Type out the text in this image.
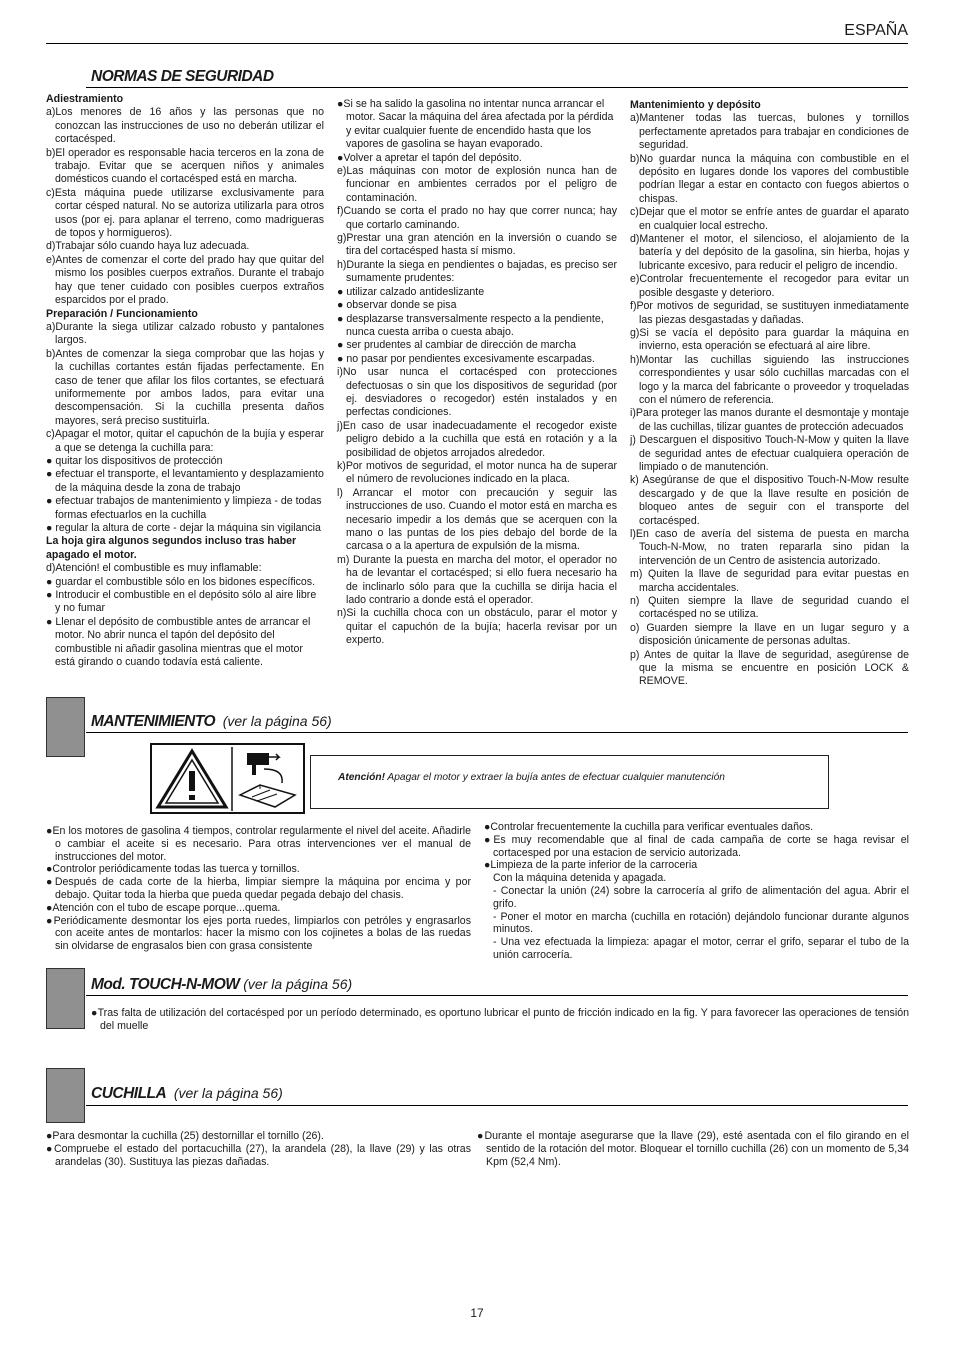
ESPAÑA
NORMAS DE SEGURIDAD

Adiestramiento

a)Los menores de 16 años y las personas que no conozcan las instrucciones de uso no deberán utilizar el cortacésped.

b)El operador es responsable hacia terceros en la zona de trabajo. Evitar que se acerquen niños y animales domésticos cuando el cortacésped está en marcha.

c)Esta máquina puede utilizarse exclusivamente para cortar césped natural. No se autoriza utilizarla para otros usos (por ej. para aplanar el terreno, como madrigueras de topos y hormigueros).

d)Trabajar sólo cuando haya luz adecuada.

e)Antes de comenzar el corte del prado hay que quitar del mismo los posibles cuerpos extraños. Durante el trabajo hay que tener cuidado con posibles cuerpos extraños esparcidos por el prado.

Preparación / Funcionamiento

a)Durante la siega utilizar calzado robusto y pantalones largos.

b)Antes de comenzar la siega comprobar que las hojas y la cuchillas cortantes están fijadas perfectamente. En caso de tener que afilar los filos cortantes, se efectuará uniformemente por ambos lados, para evitar una descompensación. Si la cuchilla presenta daños mayores, será preciso sustituirla.

c)Apagar el motor, quitar el capuchón de la bujía y esperar a que se detenga la cuchilla para:

● quitar los dispositivos de protección

● efectuar el transporte, el levantamiento y desplazamiento de la máquina desde la zona de trabajo

● efectuar trabajos de mantenimiento y limpieza - de todas formas efectuarlos en la cuchilla

● regular la altura de corte - dejar la máquina sin vigilancia

La hoja gira algunos segundos incluso tras haber apagado el motor.

d)Atención! el combustible es muy inflamable:

● guardar el combustible sólo en los bidones específicos.

● Introducir el combustible en el depósito sólo al aire libre y no fumar

● Llenar el depósito de combustible antes de arrancar el motor. No abrir nunca el tapón del depósito del combustible ni añadir gasolina mientras que el motor está girando o cuando todavía está caliente.

●Si se ha salido la gasolina no intentar nunca arrancar el motor. Sacar la máquina del área afectada por la pérdida y evitar cualquier fuente de encendido hasta que los vapores de gasolina se hayan evaporado.

●Volver a apretar el tapón del depósito.

e)Las máquinas con motor de explosión nunca han de funcionar en ambientes cerrados por el peligro de contaminación.

f)Cuando se corta el prado no hay que correr nunca; hay que cortarlo caminando.

g)Prestar una gran atención en la inversión o cuando se tira del cortacésped hasta sí mismo.

h)Durante la siega en pendientes o bajadas, es preciso ser sumamente prudentes:

● utilizar calzado antideslizante

● observar donde se pisa

● desplazarse transversalmente respecto a la pendiente, nunca cuesta arriba o cuesta abajo.

● ser prudentes al cambiar de dirección de marcha

● no pasar por pendientes excesivamente escarpadas.

i)No usar nunca el cortacésped con protecciones defectuosas o sin que los dispositivos de seguridad (por ej. desviadores o recogedor) estén instalados y en perfectas condiciones.

j)En caso de usar inadecuadamente el recogedor existe peligro debido a la cuchilla que está en rotación y a la posibilidad de objetos arrojados alrededor.

k)Por motivos de seguridad, el motor nunca ha de superar el número de revoluciones indicado en la placa.

l) Arrancar el motor con precaución y seguir las instrucciones de uso. Cuando el motor está en marcha es necesario impedir a los demás que se acerquen con la mano o las puntas de los pies debajo del borde de la carcasa o a la apertura de expulsión de la misma.

m) Durante la puesta en marcha del motor, el operador no ha de levantar el cortacésped; si ello fuera necesario ha de inclinarlo sólo para que la cuchilla se dirija hacia el lado contrario a donde está el operador.

n)Si la cuchilla choca con un obstáculo, parar el motor y quitar el capuchón de la bujía; hacerla revisar por un experto.

Mantenimiento y depósito

a)Mantener todas las tuercas, bulones y tornillos perfectamente apretados para trabajar en condiciones de seguridad.

b)No guardar nunca la máquina con combustible en el depósito en lugares donde los vapores del combustible podrían llegar a estar en contacto con fuegos abiertos o chispas.

c)Dejar que el motor se enfríe antes de guardar el aparato en cualquier local estrecho.

d)Mantener el motor, el silencioso, el alojamiento de la batería y del depósito de la gasolina, sin hierba, hojas y lubricante excesivo, para reducir el peligro de incendio.

e)Controlar frecuentemente el recogedor para evitar un posible desgaste y deterioro.

f)Por motivos de seguridad, se sustituyen inmediatamente las piezas desgastadas y dañadas.

g)Si se vacía el depósito para guardar la máquina en invierno, esta operación se efectuará al aire libre.

h)Montar las cuchillas siguiendo las instrucciones correspondientes y usar sólo cuchillas marcadas con el logo y la marca del fabricante o proveedor y troqueladas con el número de referencia.

i)Para proteger las manos durante el desmontaje y montaje de las cuchillas, tilizar guantes de protección adecuados

j) Descarguen el dispositivo Touch-N-Mow y quiten la llave de seguridad antes de efectuar cualquiera operación de limpiado o de manutención.

k) Asegúranse de que el dispositivo Touch-N-Mow resulte descargado y de que la llave resulte en posición de bloqueo antes de seguir con el transporte del cortacésped.

l)En caso de avería del sistema de puesta en marcha Touch-N-Mow, no traten repararla sino pidan la intervención de un Centro de asistencia autorizado.

m) Quiten la llave de seguridad para evitar puestas en marcha accidentales.

n) Quiten siempre la llave de seguridad cuando el cortacésped no se utiliza.

o) Guarden siempre la llave en un lugar seguro y a disposición únicamente de personas adultas.

p) Antes de quitar la llave de seguridad, asegúrense de que la misma se encuentre en posición LOCK & REMOVE.

MANTENIMIENTO (ver la página 56)
Atención! Apagar el motor y extraer la bujía antes de efectuar cualquier manutención

●En los motores de gasolina 4 tiempos, controlar regularmente el nivel del aceite. Añadirle o cambiar el aceite si es necesario. Para otras intervenciones ver el manual de instrucciones del motor.

●Controlor periódicamente todas las tuerca y tornillos.

●Después de cada corte de la hierba, limpiar siempre la máquina por encima y por debajo. Quitar toda la hierba que pueda quedar pegada debajo del chasis.

●Atención con el tubo de escape porque...quema.

●Periódicamente desmontar los ejes porta ruedes, limpiarlos con petróles y engrasarlos con aceite antes de montarlos: hacer la mismo con los cojinetes a bolas de las ruedas sin olvidarse de engrasalos bien con grasa consistente

●Controlar frecuentemente la cuchilla para verificar eventuales daños.

●Es muy recomendable que al final de cada campaña de corte se haga revisar el cortacesped por una estacion de servicio autorizada.

●Limpieza de la parte inferior de la carroceria

Con la máquina detenida y apagada.

- Conectar la unión (24) sobre la carrocería al grifo de alimentación del agua. Abrir el grifo.

- Poner el motor en marcha (cuchilla en rotación) dejándolo funcionar durante algunos minutos.

- Una vez efectuada la limpieza: apagar el motor, cerrar el grifo, separar el tubo de la unión carrocería.

Mod. TOUCH-N-MOW (ver la página 56)

●Tras falta de utilización del cortacésped por un período determinado, es oportuno lubricar el punto de fricción indicado en la fig. Y para favorecer las operaciones de tensión del muelle

CUCHILLA (ver la página 56)

●Para desmontar la cuchilla (25) destornillar el tornillo (26).

●Compruebe el estado del portacuchilla (27), la arandela (28), la llave (29) y las otras arandelas (30). Sustituya las piezas dañadas.

●Durante el montaje asegurarse que la llave (29), esté asentada con el filo girando en el sentido de la rotación del motor. Bloquear el tornillo cuchilla (26) con un momento de 5,34 Kpm (52,4 Nm).

17
